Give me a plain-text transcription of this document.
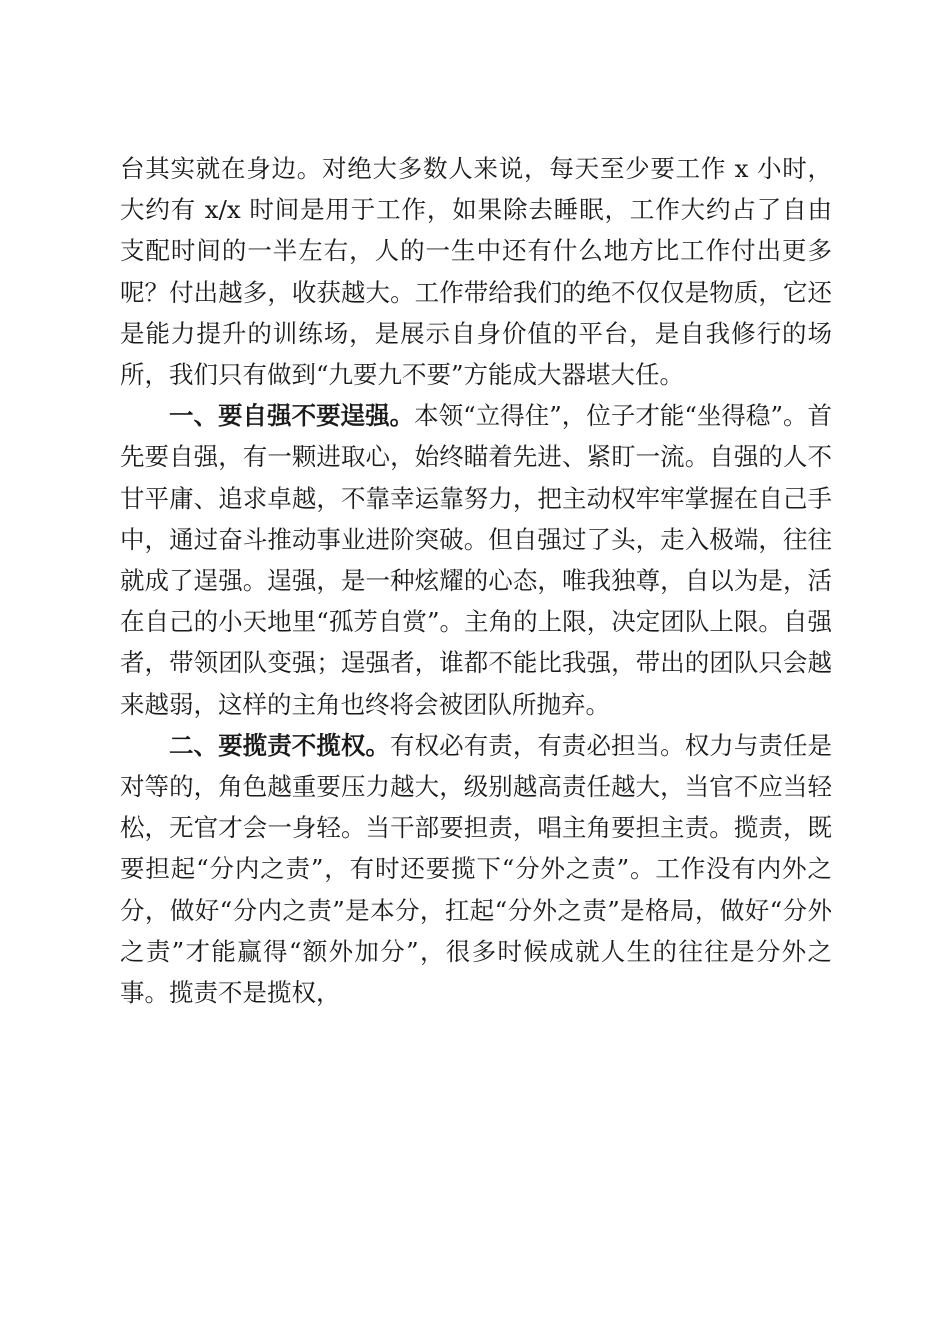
台其实就在身边。对绝大多数人来说，每天至少要工作 x 小时，大约有 x/x 时间是用于工作，如果除去睡眠，工作大约占了自由支配时间的一半左右，人的一生中还有什么地方比工作付出更多呢？付出越多，收获越大。工作带给我们的绝不仅仅是物质，它还是能力提升的训练场，是展示自身价值的平台，是自我修行的场所，我们只有做到“九要九不要”方能成大器堪大任。

一、要自强不要逞强。本领“立得住”，位子才能“坐得稳”。首先要自强，有一颗进取心，始终瞄着先进、紧盯一流。自强的人不甘平庸、追求卓越，不靠幸运靠努力，把主动权牢牢掌握在自己手中，通过奋斗推动事业进阶突破。但自强过了头，走入极端，往往就成了逞强。逞强，是一种炫耀的心态，唯我独尊，自以为是，活在自己的小天地里“孤芳自赏”。主角的上限，决定团队上限。自强者，带领团队变强；逞强者，谁都不能比我强，带出的团队只会越来越弱，这样的主角也终将会被团队所抛弃。

二、要揽责不揽权。有权必有责，有责必担当。权力与责任是对等的，角色越重要压力越大，级别越高责任越大，当官不应当轻松，无官才会一身轻。当干部要担责，唱主角要担主责。揽责，既要担起“分内之责”，有时还要揽下“分外之责”。工作没有内外之分，做好“分内之责”是本分，扛起“分外之责”是格局，做好“分外之责”才能赢得“额外加分”，很多时候成就人生的往往是分外之事。揽责不是揽权，
